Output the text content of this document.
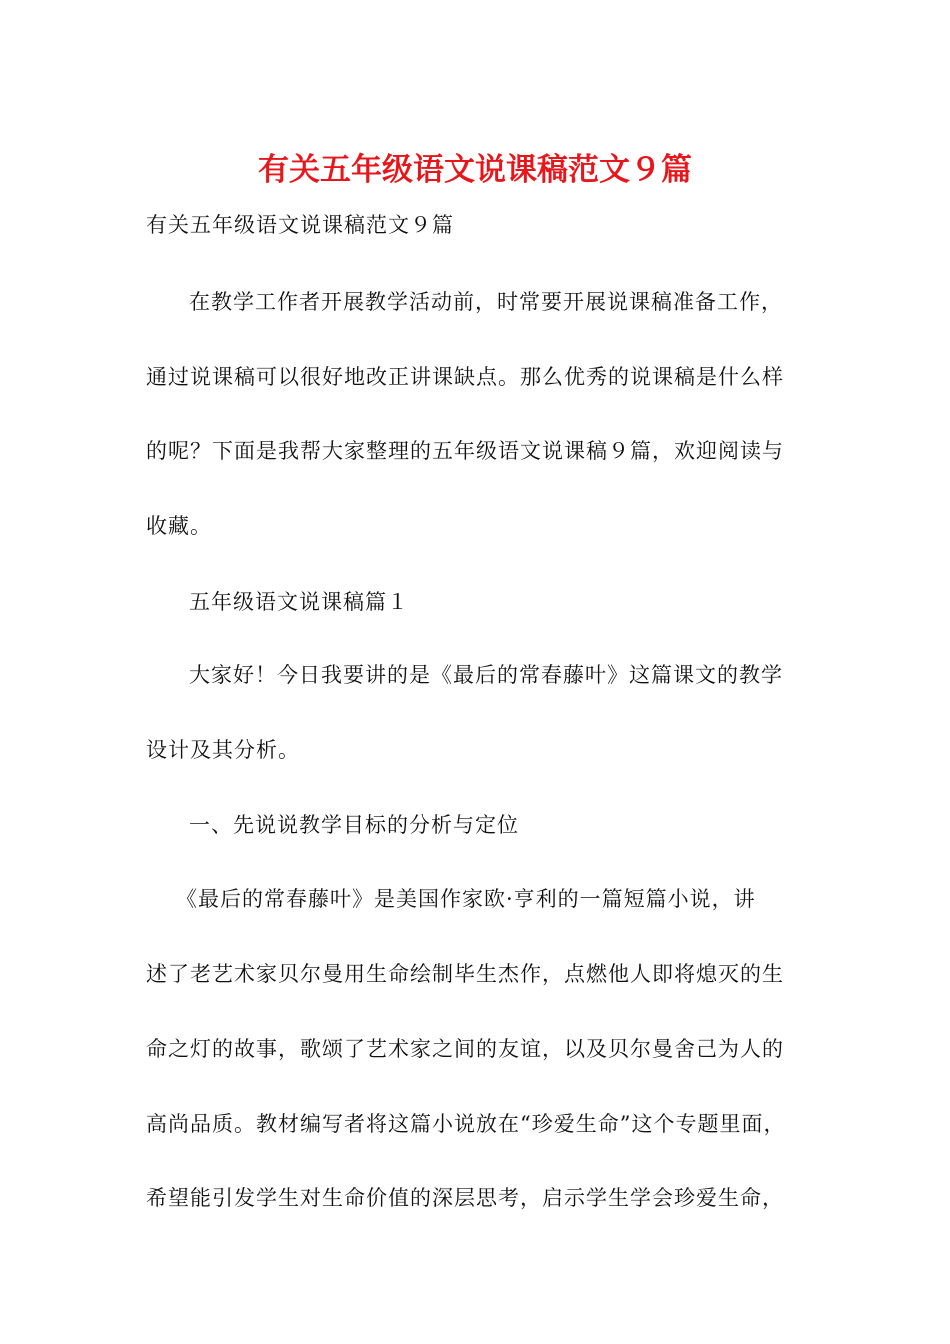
有关五年级语文说课稿范文９篇

有关五年级语文说课稿范文９篇

在教学工作者开展教学活动前，时常要开展说课稿准备工作，

通过说课稿可以很好地改正讲课缺点。那么优秀的说课稿是什么样

的呢？下面是我帮大家整理的五年级语文说课稿９篇，欢迎阅读与

收藏。

五年级语文说课稿篇１

大家好！今日我要讲的是《最后的常春藤叶》这篇课文的教学

设计及其分析。

一、先说说教学目标的分析与定位

《最后的常春藤叶》是美国作家欧·亨利的一篇短篇小说，讲

述了老艺术家贝尔曼用生命绘制毕生杰作，点燃他人即将熄灭的生

命之灯的故事，歌颂了艺术家之间的友谊，以及贝尔曼舍己为人的

高尚品质。教材编写者将这篇小说放在“珍爱生命”这个专题里面，

希望能引发学生对生命价值的深层思考，启示学生学会珍爱生命，
